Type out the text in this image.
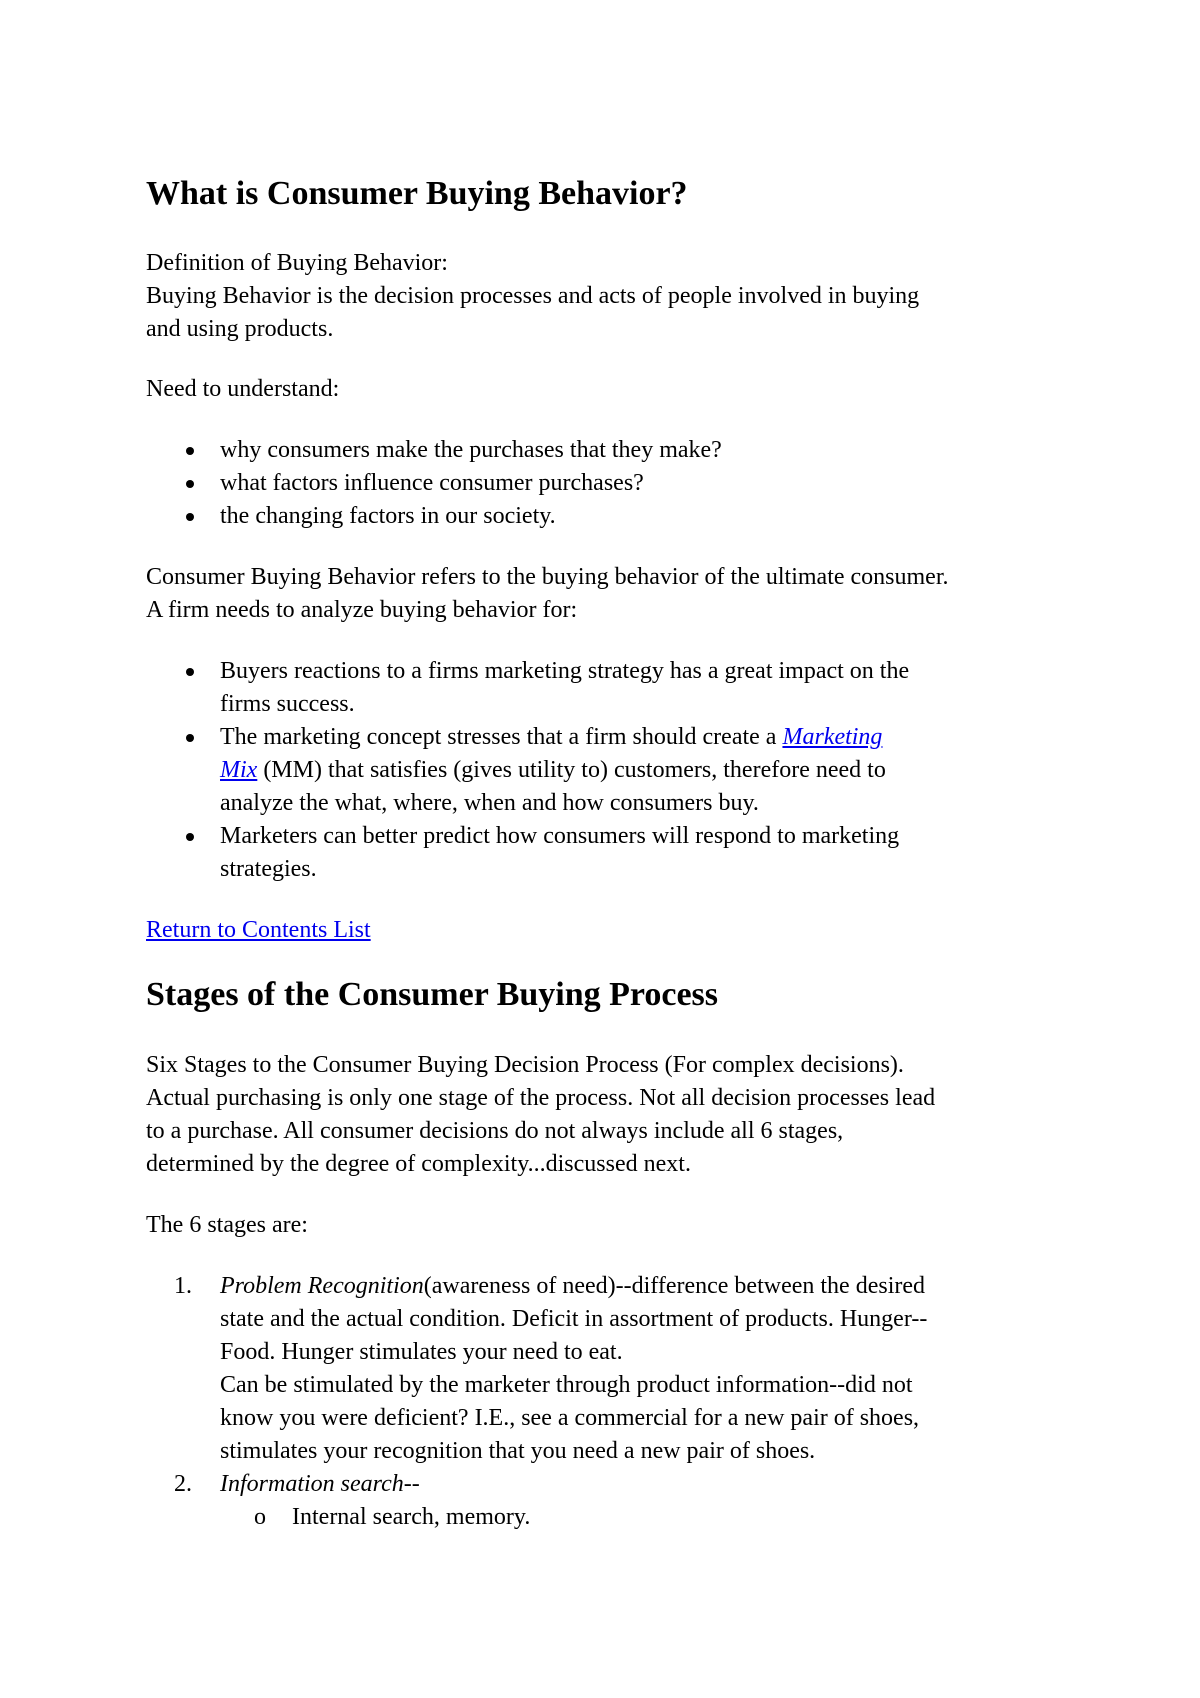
What is Consumer Buying Behavior?
Definition of Buying Behavior:
Buying Behavior is the decision processes and acts of people involved in buying
and using products.
Need to understand:
why consumers make the purchases that they make?
what factors influence consumer purchases?
the changing factors in our society.
Consumer Buying Behavior refers to the buying behavior of the ultimate consumer.
A firm needs to analyze buying behavior for:
Buyers reactions to a firms marketing strategy has a great impact on the
firms success.
The marketing concept stresses that a firm should create a Marketing
Mix (MM) that satisfies (gives utility to) customers, therefore need to
analyze the what, where, when and how consumers buy.
Marketers can better predict how consumers will respond to marketing
strategies.
Return to Contents List
Stages of the Consumer Buying Process
Six Stages to the Consumer Buying Decision Process (For complex decisions).
Actual purchasing is only one stage of the process. Not all decision processes lead
to a purchase. All consumer decisions do not always include all 6 stages,
determined by the degree of complexity...discussed next.
The 6 stages are:
1. Problem Recognition(awareness of need)--difference between the desired
state and the actual condition. Deficit in assortment of products. Hunger--
Food. Hunger stimulates your need to eat.
Can be stimulated by the marketer through product information--did not
know you were deficient? I.E., see a commercial for a new pair of shoes,
stimulates your recognition that you need a new pair of shoes.
2. Information search--
o Internal search, memory.
